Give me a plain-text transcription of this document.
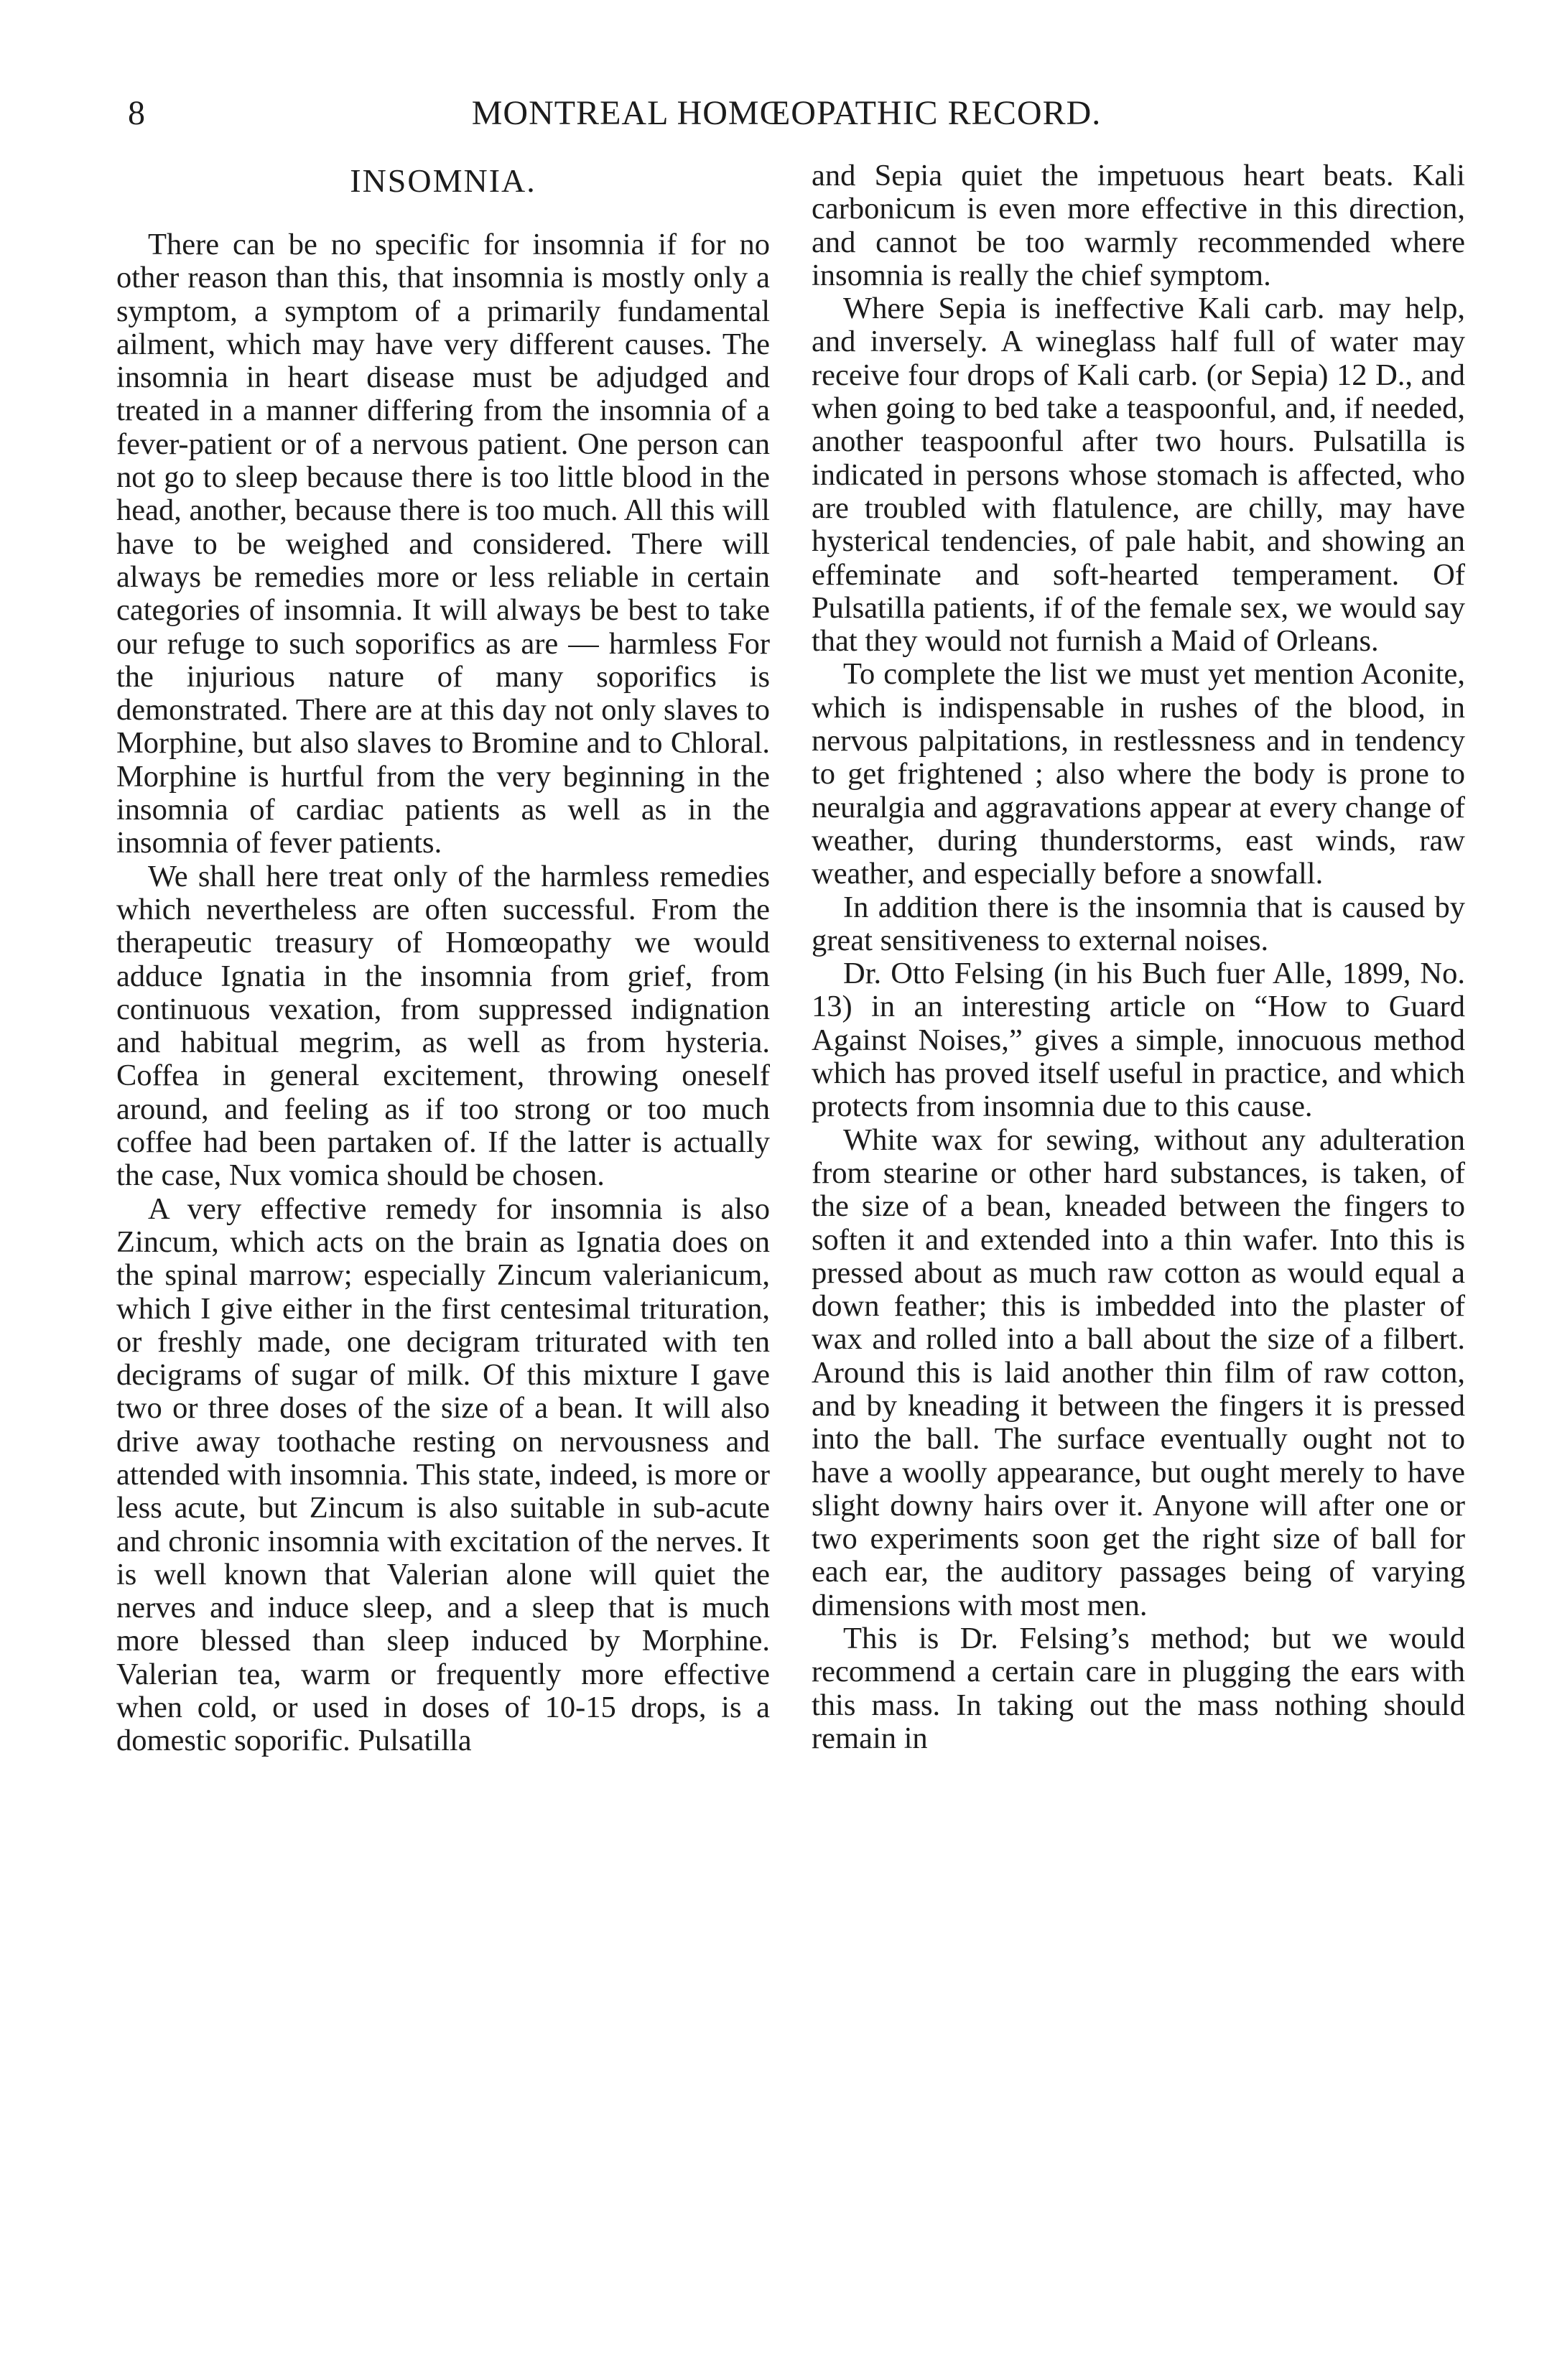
8	MONTREAL HOMŒOPATHIC RECORD.
INSOMNIA.

There can be no specific for insomnia if for no other reason than this, that insomnia is mostly only a symptom, a symptom of a primarily fundamental ailment, which may have very different causes. The insomnia in heart disease must be adjudged and treated in a manner differing from the insomnia of a fever-patient or of a nervous patient. One person can not go to sleep because there is too little blood in the head, another, because there is too much. All this will have to be weighed and considered. There will always be remedies more or less reliable in certain categories of insomnia. It will always be best to take our refuge to such soporifics as are — harmless For the injurious nature of many soporifics is demonstrated. There are at this day not only slaves to Morphine, but also slaves to Bromine and to Chloral. Morphine is hurtful from the very beginning in the insomnia of cardiac patients as well as in the insomnia of fever patients.

We shall here treat only of the harmless remedies which nevertheless are often successful. From the therapeutic treasury of Homœopathy we would adduce Ignatia in the insomnia from grief, from continuous vexation, from suppressed indignation and habitual megrim, as well as from hysteria. Coffea in general excitement, throwing oneself around, and feeling as if too strong or too much coffee had been partaken of. If the latter is actually the case, Nux vomica should be chosen.

A very effective remedy for insomnia is also Zincum, which acts on the brain as Ignatia does on the spinal marrow; especially Zincum valerianicum, which I give either in the first centesimal trituration, or freshly made, one decigram triturated with ten decigrams of sugar of milk. Of this mixture I gave two or three doses of the size of a bean. It will also drive away toothache resting on nervousness and attended with insomnia. This state, indeed, is more or less acute, but Zincum is also suitable in sub-acute and chronic insomnia with excitation of the nerves. It is well known that Valerian alone will quiet the nerves and induce sleep, and a sleep that is much more blessed than sleep induced by Morphine. Valerian tea, warm or frequently more effective when cold, or used in doses of 10-15 drops, is a domestic soporific. Pulsatilla

and Sepia quiet the impetuous heart beats. Kali carbonicum is even more effective in this direction, and cannot be too warmly recommended where insomnia is really the chief symptom.

Where Sepia is ineffective Kali carb. may help, and inversely. A wineglass half full of water may receive four drops of Kali carb. (or Sepia) 12 D., and when going to bed take a teaspoonful, and, if needed, another teaspoonful after two hours. Pulsatilla is indicated in persons whose stomach is affected, who are troubled with flatulence, are chilly, may have hysterical tendencies, of pale habit, and showing an effeminate and soft-hearted temperament. Of Pulsatilla patients, if of the female sex, we would say that they would not furnish a Maid of Orleans.

To complete the list we must yet mention Aconite, which is indispensable in rushes of the blood, in nervous palpitations, in restlessness and in tendency to get frightened ; also where the body is prone to neuralgia and aggravations appear at every change of weather, during thunderstorms, east winds, raw weather, and especially before a snowfall.

In addition there is the insomnia that is caused by great sensitiveness to external noises.

Dr. Otto Felsing (in his Buch fuer Alle, 1899, No. 13) in an interesting article on “How to Guard Against Noises,” gives a simple, innocuous method which has proved itself useful in practice, and which protects from insomnia due to this cause.

White wax for sewing, without any adulteration from stearine or other hard substances, is taken, of the size of a bean, kneaded between the fingers to soften it and extended into a thin wafer. Into this is pressed about as much raw cotton as would equal a down feather; this is imbedded into the plaster of wax and rolled into a ball about the size of a filbert. Around this is laid another thin film of raw cotton, and by kneading it between the fingers it is pressed into the ball. The surface eventually ought not to have a woolly appearance, but ought merely to have slight downy hairs over it. Anyone will after one or two experiments soon get the right size of ball for each ear, the auditory passages being of varying dimensions with most men.

This is Dr. Felsing’s method; but we would recommend a certain care in plugging the ears with this mass. In taking out the mass nothing should remain in
